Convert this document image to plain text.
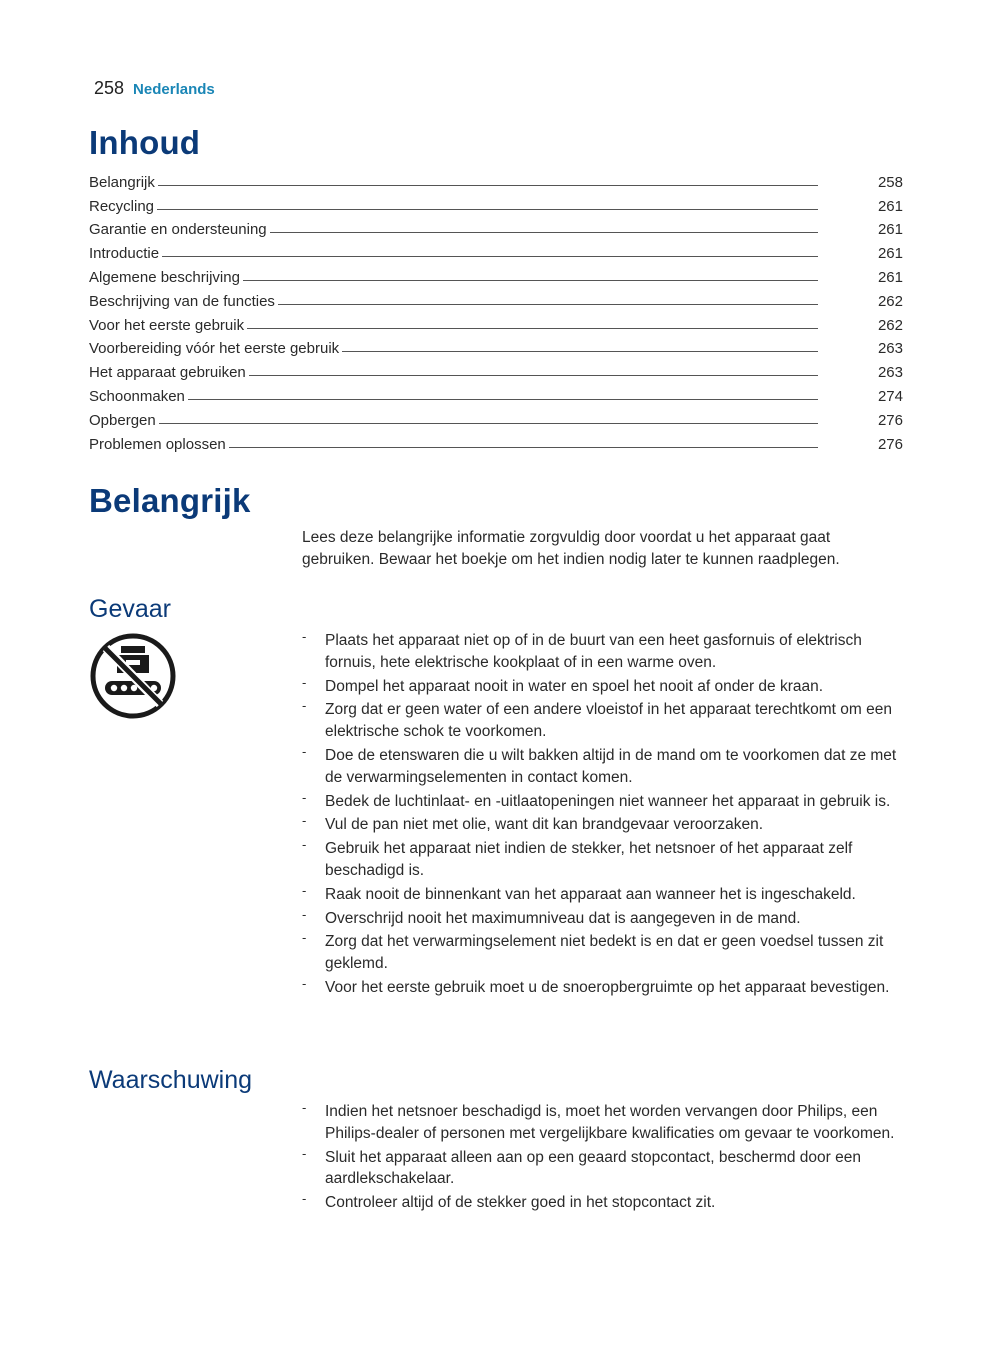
258 Nederlands
Inhoud
Belangrijk	258
Recycling	261
Garantie en ondersteuning	261
Introductie	261
Algemene beschrijving	261
Beschrijving van de functies	262
Voor het eerste gebruik	262
Voorbereiding vóór het eerste gebruik	263
Het apparaat gebruiken	263
Schoonmaken	274
Opbergen	276
Problemen oplossen	276
Belangrijk

Lees deze belangrijke informatie zorgvuldig door voordat u het apparaat gaat gebruiken. Bewaar het boekje om het indien nodig later te kunnen raadplegen.

Gevaar
- Plaats het apparaat niet op of in de buurt van een heet gasfornuis of elektrisch fornuis, hete elektrische kookplaat of in een warme oven.
- Dompel het apparaat nooit in water en spoel het nooit af onder de kraan.
- Zorg dat er geen water of een andere vloeistof in het apparaat terechtkomt om een elektrische schok te voorkomen.
- Doe de etenswaren die u wilt bakken altijd in de mand om te voorkomen dat ze met de verwarmingselementen in contact komen.
- Bedek de luchtinlaat- en -uitlaatopeningen niet wanneer het apparaat in gebruik is.
- Vul de pan niet met olie, want dit kan brandgevaar veroorzaken.
- Gebruik het apparaat niet indien de stekker, het netsnoer of het apparaat zelf beschadigd is.
- Raak nooit de binnenkant van het apparaat aan wanneer het is ingeschakeld.
- Overschrijd nooit het maximumniveau dat is aangegeven in de mand.
- Zorg dat het verwarmingselement niet bedekt is en dat er geen voedsel tussen zit geklemd.
- Voor het eerste gebruik moet u de snoeropbergruimte op het apparaat bevestigen.
Waarschuwing
- Indien het netsnoer beschadigd is, moet het worden vervangen door Philips, een Philips-dealer of personen met vergelijkbare kwalificaties om gevaar te voorkomen.
- Sluit het apparaat alleen aan op een geaard stopcontact, beschermd door een aardlekschakelaar.
- Controleer altijd of de stekker goed in het stopcontact zit.
